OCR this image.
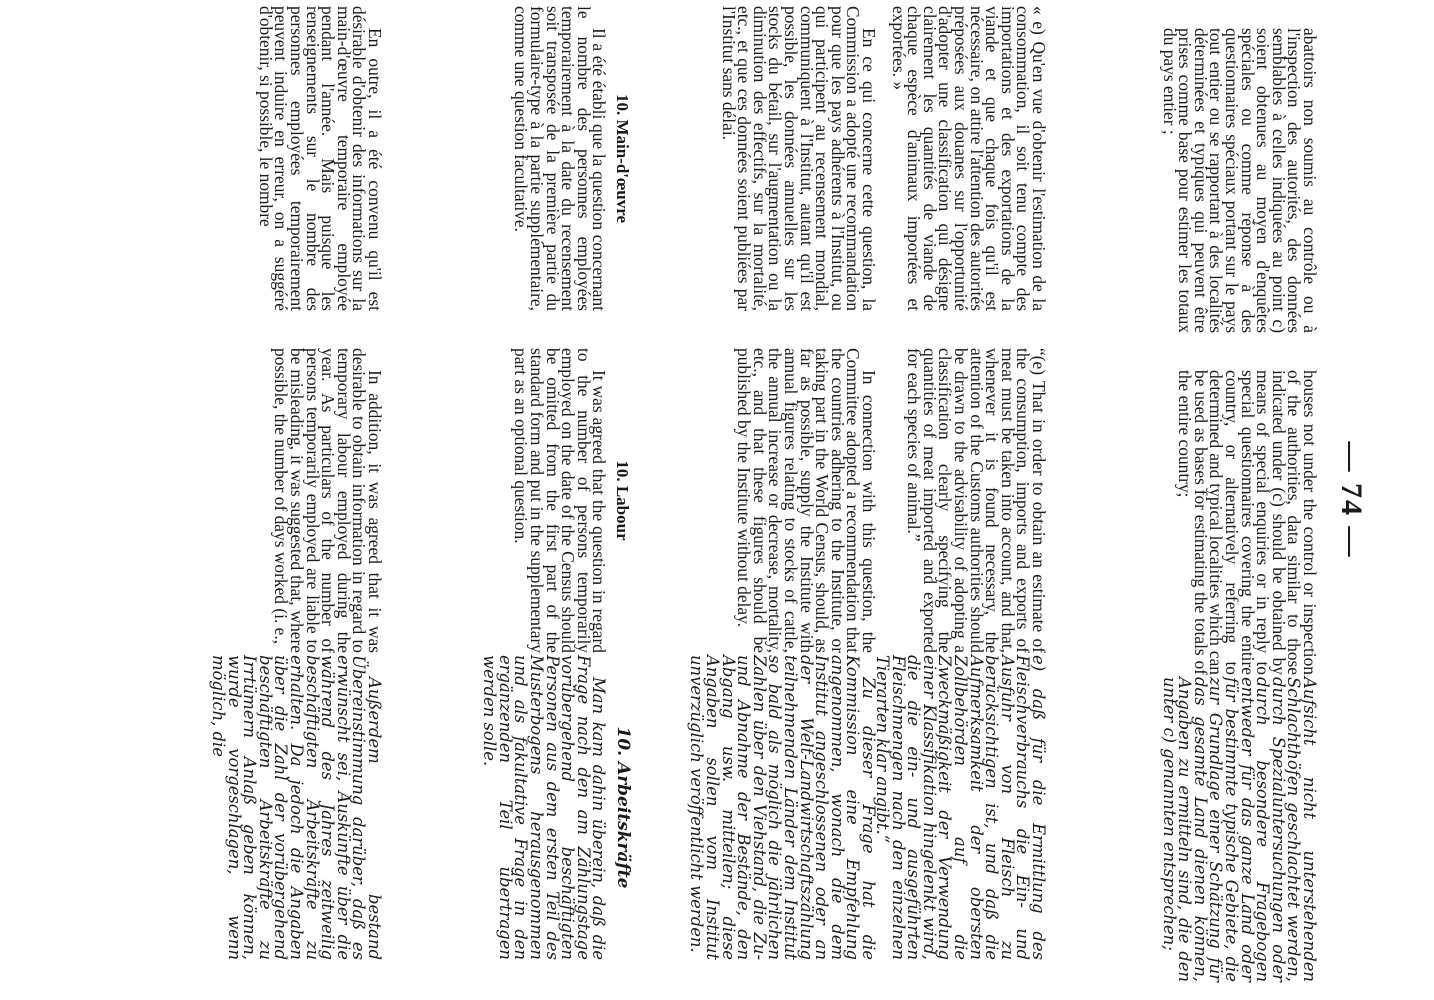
— 74 —
abattoirs non soumis au contrôle ou à l'inspection des autorités, des données semblables à celles indiquées au point c) soient obtenues au moyen d'enquêtes spéciales ou comme réponse à des questionnaires spéciaux portant sur le pays tout entier ou se rapportant à des localités déterminées et typiques qui peuvent être prises comme base pour estimer les totaux du pays entier ;
« e) Qu'en vue d'obtenir l'estimation de la consommation, il soit tenu compte des importations et des exportations de la viande et que chaque fois qu'il est nécessaire, on attire l'attention des autorités préposées aux douanes sur l'opportunité d'adopter une classification qui désigne clairement les quantités de viande de chaque espèce d'animaux importées et exportées. »
En ce qui concerne cette question, la Commission a adopté une recommandation pour que les pays adhérents à l'Institut, ou qui participent au recensement mondial, communiquent à l'Institut, autant qu'il est possible, les données annuelles sur les stocks du bétail, sur l'augmentation ou la diminution des effectifs, sur la mortalité, etc., et que ces données soient publiées par l'Institut sans délai.

10. Main-d'œuvre

Il a été établi que la question concernant le nombre des personnes employées temporairement à la date du recensement soit transposée de la première partie du formulaire-type à la partie supplémentaire, comme une question facultative.

En outre, il a été convenu qu'il est désirable d'obtenir des informations sur la main-d'œuvre temporaire employée pendant l'année. Mais puisque les renseignements sur le nombre des personnes employées temporairement peuvent induire en erreur, on a suggéré d'obtenir, si possible, le nombre
houses not under the control or inspection of the authorities, data similar to those indicated under (c) should be obtained by means of special enquiries or in reply to special questionnaires covering the entire country, or alternatively referring to determined and typical localities which can be used as bases for estimating the totals of the entire country;
“(e) That in order to obtain an estimate of the consumption, imports and exports of meat must be taken into account, and that, whenever it is found necessary, the attention of the Customs authorities should be drawn to the advisability of adopting a classification clearly specifying the quantities of meat imported and exported for each species of animal.”
In connection with this question, the Committee adopted a recommendation that the countries adhering to the Institute, or taking part in the World Census, should, as far as possible, supply the Institute with annual figures relating to stocks of cattle, the annual increase or decrease, mortality, etc., and that these figures should be published by the Institute without delay.

10. Labour

It was agreed that the question in regard to the number of persons temporarily employed on the date of the Census should be omitted from the first part of the standard form and put in the supplementary part as an optional question.

In addition, it was agreed that it was desirable to obtain information in regard to temporary labour employed during the year. As particulars of the number of persons temporarily employed are liable to be misleading, it was suggested that, where possible, the number of days worked (i. e.,
Aufsicht nicht unterstehenden Schlachthöfen geschlachtet werden, durch Spezialuntersuchungen oder durch besondere Fragebogen entweder für das ganze Land oder für bestimmte typische Gebiete, die zur Grundlage einer Schätzung für das gesamte Land dienen können, Angaben zu ermitteln sind, die den unter c) genannten entsprechen;
e) daß für die Ermittlung des Fleischverbrauchs die Ein- und Ausfuhr von Fleisch zu berücksichtigen ist, und daß die Aufmerksamkeit der obersten Zollbehörden auf die Zweckmäßigkeit der Verwendung einer Klassifikation hingelenkt wird, die die ein- und ausgeführten Fleischmengen nach den einzelnen Tierarten klar angibt.“
Zu dieser Frage hat die Kommission eine Empfehlung angenommen, wonach die dem Institut angeschlossenen oder an der Welt-Landwirtschaftszählung teilnehmenden Länder dem Institut so bald als möglich die jährlichen Zahlen über den Viehstand, die Zu- und Abnahme der Bestände, den Abgang usw. mitteilen; diese Angaben sollen vom Institut unverzüglich veröffentlicht werden.

10. Arbeitskräfte

Man kam dahin überein, daß die Frage nach den am Zählungstage vorübergehend beschäftigten Personen aus dem ersten Teil des Musterbogens herausgenommen und als fakultative Frage in den ergänzenden Teil übertragen werden solle.

Außerdem bestand Übereinstimmung darüber, daß es erwünscht sei, Auskünfte über die während des Jahres zeitweilig beschäftigten Arbeitskräfte zu erhalten. Da jedoch die Angaben über die Zahl der vorübergehend beschäftigten Arbeitskräfte zu Irrtümern Anlaß geben können, wurde vorgeschlagen, wenn möglich, die
